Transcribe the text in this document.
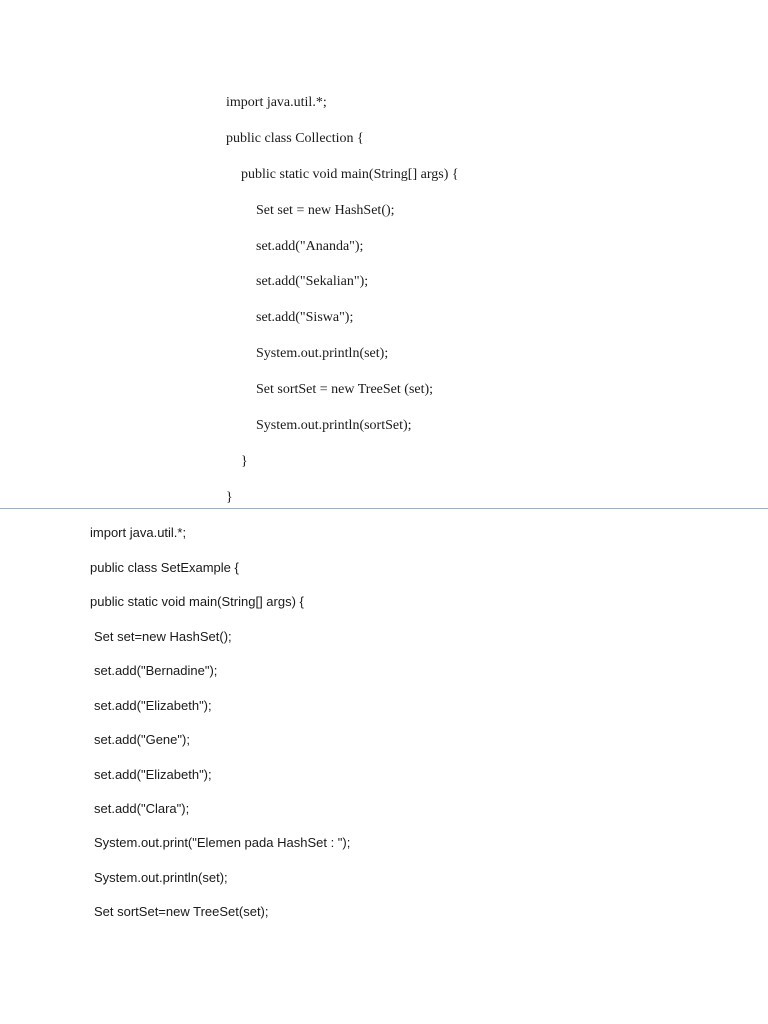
import java.util.*;
public class Collection {
public static void main(String[] args) {
Set set = new HashSet();
set.add("Ananda");
set.add("Sekalian");
set.add("Siswa");
System.out.println(set);
Set sortSet = new TreeSet (set);
System.out.println(sortSet);
}
}
import java.util.*;
public class SetExample {
public static void main(String[] args) {
Set set=new HashSet();
set.add("Bernadine");
set.add("Elizabeth");
set.add("Gene");
set.add("Elizabeth");
set.add("Clara");
System.out.print("Elemen pada HashSet : ");
System.out.println(set);
Set sortSet=new TreeSet(set);
